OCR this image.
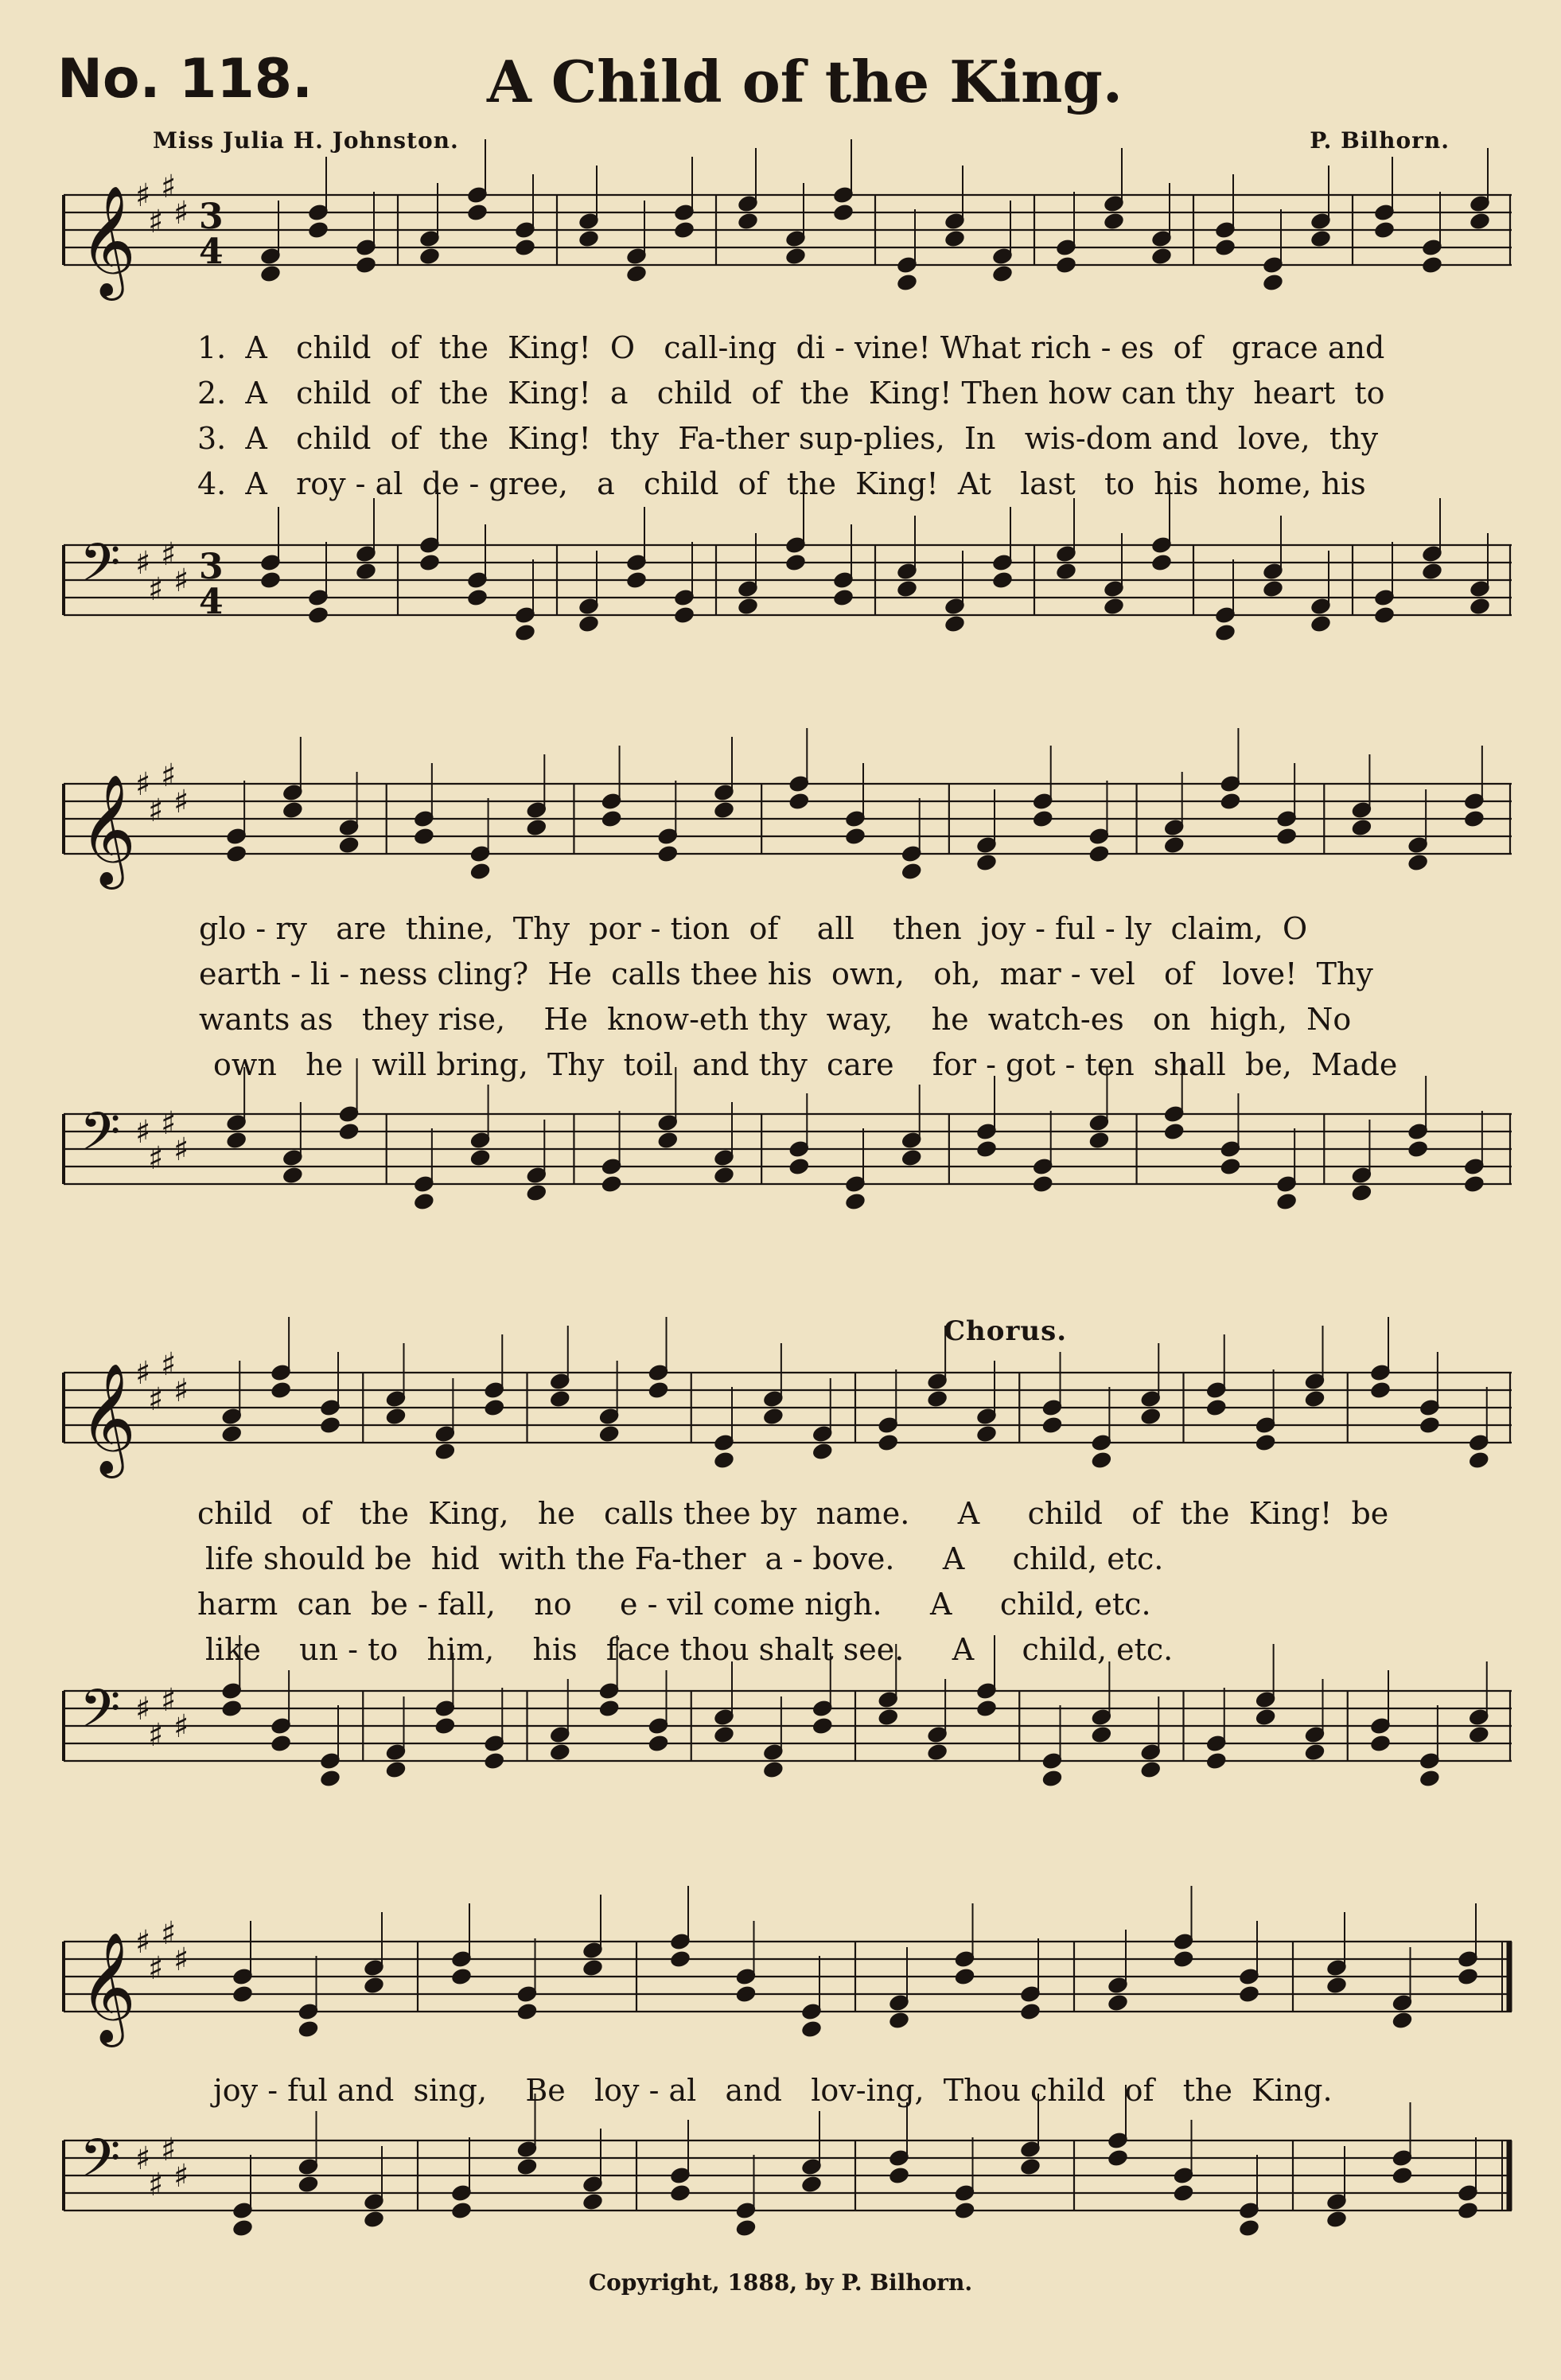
No. 118.	A Child of the King.
Miss Julia H. Johnston.	P. Bilhorn.
𝄞 ♯
♯
♯
♯ 3
4
1.  A   child  of  the  King!  O   call-ing  di - vine! What rich - es  of   grace and
2.  A   child  of  the  King!  a   child  of  the  King! Then how can thy  heart  to
3.  A   child  of  the  King!  thy  Fa-ther sup-plies,  In   wis-dom and  love,  thy
4.  A   roy - al  de - gree,   a   child  of  the  King!  At   last   to  his  home, his
𝄢 ♯
♯
♯
♯ 3
4
𝄞 ♯
♯
♯
♯
glo - ry   are  thine,  Thy  por - tion  of    all    then  joy - ful - ly  claim,  O
earth - li - ness cling?  He  calls thee his  own,   oh,  mar - vel   of   love!  Thy
wants as   they rise,    He  know-eth thy  way,    he  watch-es   on  high,  No
own   he   will bring,  Thy  toil  and thy  care    for - got - ten  shall  be,  Made
𝄢 ♯
♯
♯
♯
Chorus.
𝄞 ♯
♯
♯
♯
child   of   the  King,   he   calls thee by  name.     A     child   of  the  King!  be
life should be  hid  with the Fa-ther  a - bove.     A     child, etc.
harm  can  be - fall,    no     e - vil come nigh.     A     child, etc.
like    un - to   him,    his   face thou shalt see.     A     child, etc.
𝄢 ♯
♯
♯
♯
𝄞 ♯
♯
♯
♯
joy - ful and  sing,    Be   loy - al   and   lov-ing,  Thou child  of   the  King.
𝄢 ♯
♯
♯
♯
Copyright, 1888, by P. Bilhorn.
